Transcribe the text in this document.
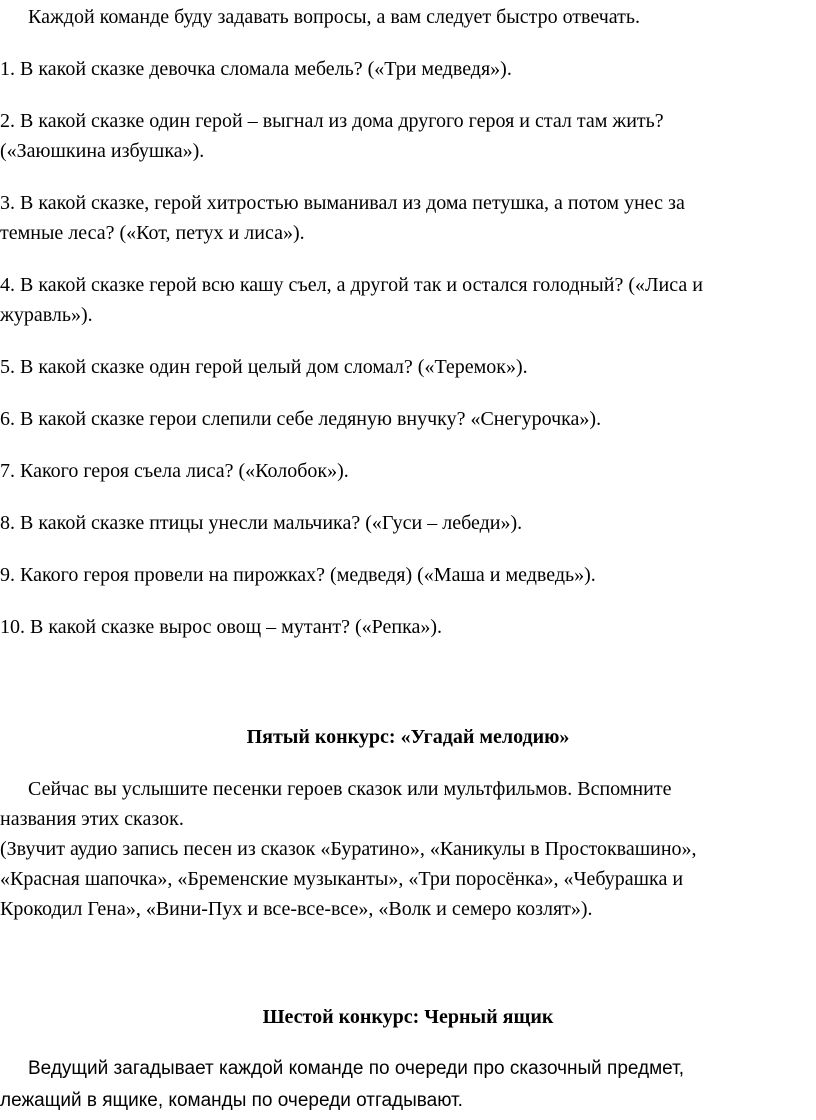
Каждой команде буду задавать вопросы, а вам следует быстро отвечать.
1. В какой сказке девочка сломала мебель? («Три медведя»).
2. В какой сказке один герой – выгнал из дома другого героя и стал там жить?
(«Заюшкина избушка»).
3. В какой сказке, герой хитростью выманивал из дома петушка, а потом унес за
темные леса? («Кот, петух и лиса»).
4. В какой сказке герой всю кашу съел, а другой так и остался голодный? («Лиса и
журавль»).
5. В какой сказке один герой целый дом сломал? («Теремок»).
6. В какой сказке герои слепили себе ледяную внучку? «Снегурочка»).
7. Какого героя съела лиса? («Колобок»).
8. В какой сказке птицы унесли мальчика? («Гуси – лебеди»).
9. Какого героя провели на пирожках? (медведя) («Маша и медведь»).
10. В какой сказке вырос овощ – мутант? («Репка»).
Пятый конкурс: «Угадай мелодию»
Сейчас вы услышите песенки героев сказок или мультфильмов. Вспомните
названия этих сказок.
(Звучит аудио запись песен из сказок «Буратино», «Каникулы в Простоквашино»,
«Красная шапочка», «Бременские музыканты», «Три поросёнка», «Чебурашка и
Крокодил Гена», «Вини-Пух и все-все-все», «Волк и семеро козлят»).
Шестой конкурс: Черный ящик
Ведущий загадывает каждой команде по очереди про сказочный предмет,
лежащий в ящике, команды по очереди отгадывают.
